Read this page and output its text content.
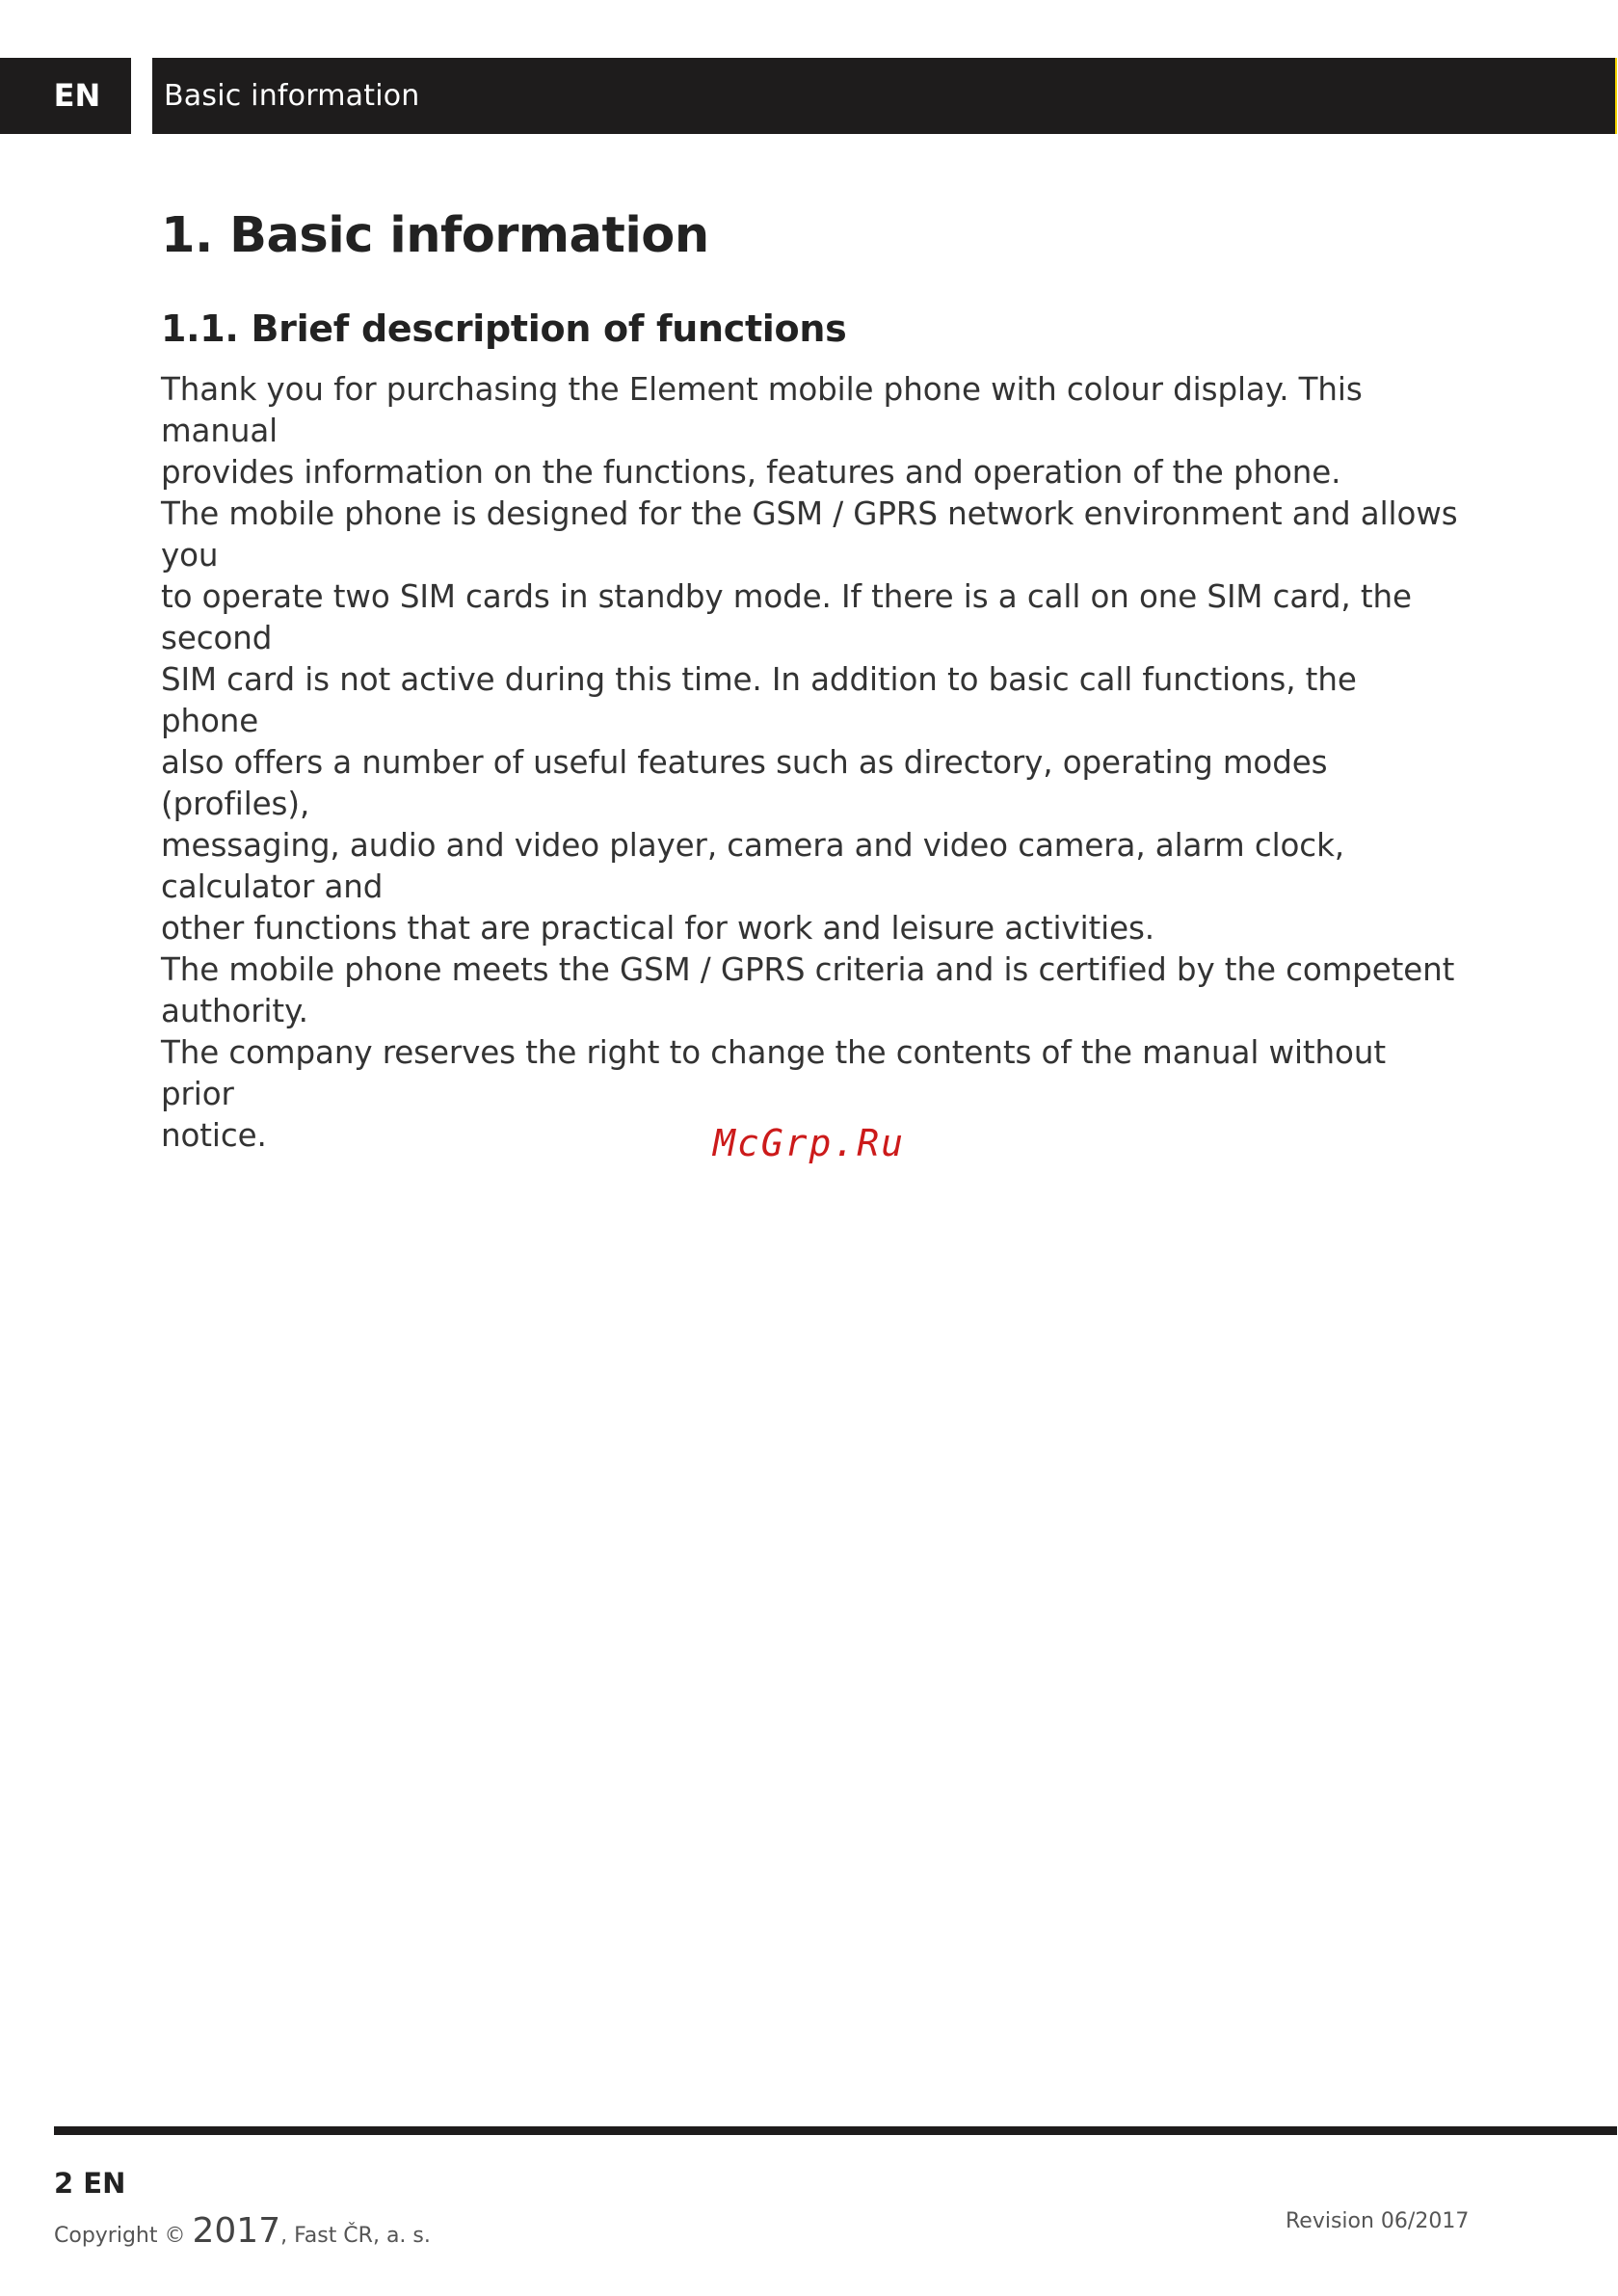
EN	Basic information
1. Basic information
1.1. Brief description of functions

Thank you for purchasing the Element mobile phone with colour display. This manual

provides information on the functions, features and operation of the phone.

The mobile phone is designed for the GSM / GPRS network environment and allows you

to operate two SIM cards in standby mode. If there is a call on one SIM card, the second

SIM card is not active during this time. In addition to basic call functions, the phone

also offers a number of useful features such as directory, operating modes (profiles),

messaging, audio and video player, camera and video camera, alarm clock, calculator and

other functions that are practical for work and leisure activities.

The mobile phone meets the GSM / GPRS criteria and is certified by the competent

authority.

The company reserves the right to change the contents of the manual without prior

notice.	McGrp.Ru
2 EN
Copyright © 2017, Fast ČR, a. s.
Revision 06/2017
